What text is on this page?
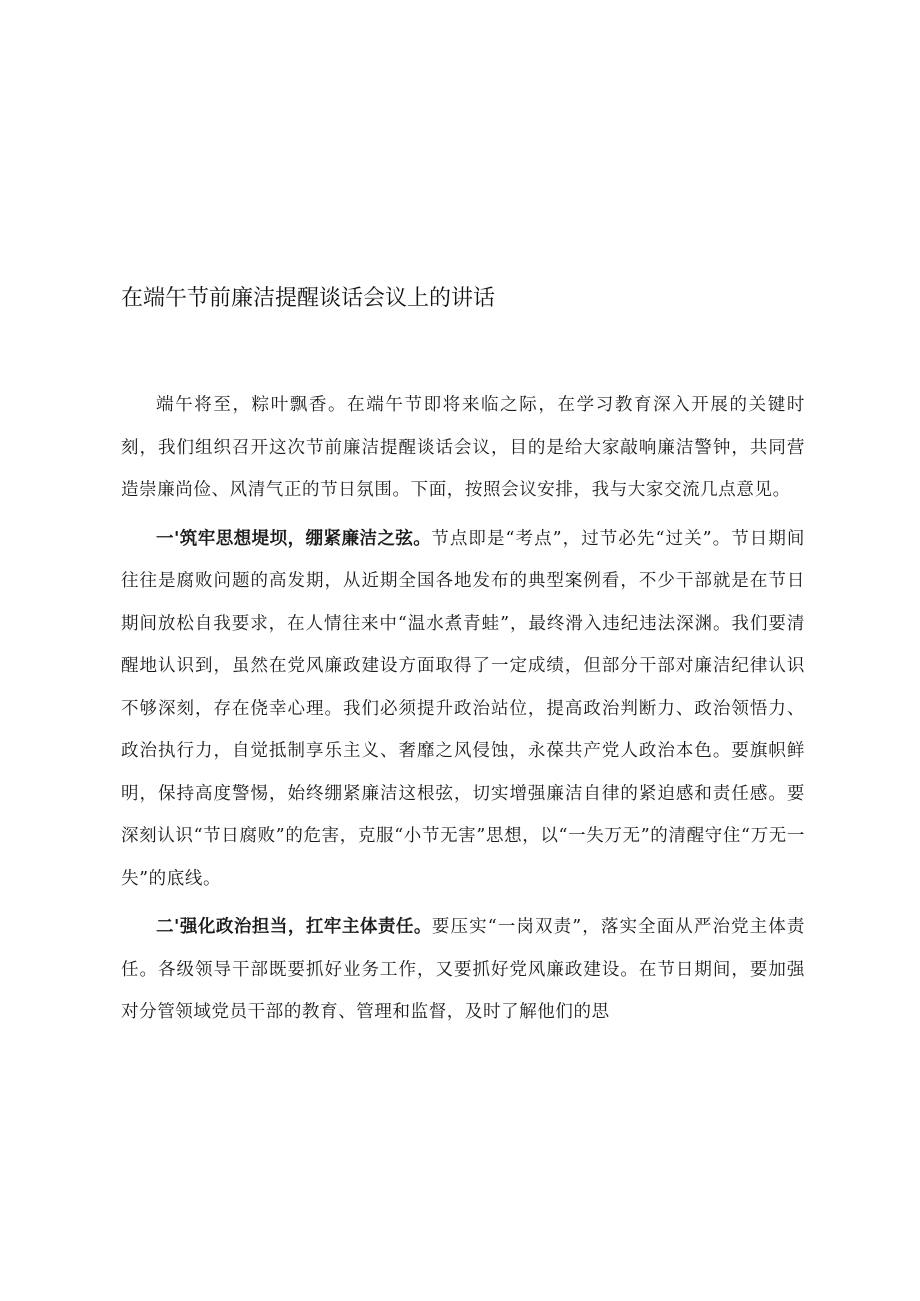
在端午节前廉洁提醒谈话会议上的讲话

端午将至，粽叶飘香。在端午节即将来临之际，在学习教育深入开展的关键时刻，我们组织召开这次节前廉洁提醒谈话会议，目的是给大家敲响廉洁警钟，共同营造崇廉尚俭、风清气正的节日氛围。下面，按照会议安排，我与大家交流几点意见。

一'筑牢思想堤坝，绷紧廉洁之弦。节点即是“考点”，过节必先“过关”。节日期间往往是腐败问题的高发期，从近期全国各地发布的典型案例看，不少干部就是在节日期间放松自我要求，在人情往来中“温水煮青蛙”，最终滑入违纪违法深渊。我们要清醒地认识到，虽然在党风廉政建设方面取得了一定成绩，但部分干部对廉洁纪律认识不够深刻，存在侥幸心理。我们必须提升政治站位，提高政治判断力、政治领悟力、政治执行力，自觉抵制享乐主义、奢靡之风侵蚀，永葆共产党人政治本色。要旗帜鲜明，保持高度警惕，始终绷紧廉洁这根弦，切实增强廉洁自律的紧迫感和责任感。要深刻认识“节日腐败”的危害，克服“小节无害”思想，以“一失万无”的清醒守住“万无一失”的底线。

二'强化政治担当，扛牢主体责任。要压实“一岗双责”，落实全面从严治党主体责任。各级领导干部既要抓好业务工作，又要抓好党风廉政建设。在节日期间，要加强对分管领域党员干部的教育、管理和监督，及时了解他们的思
